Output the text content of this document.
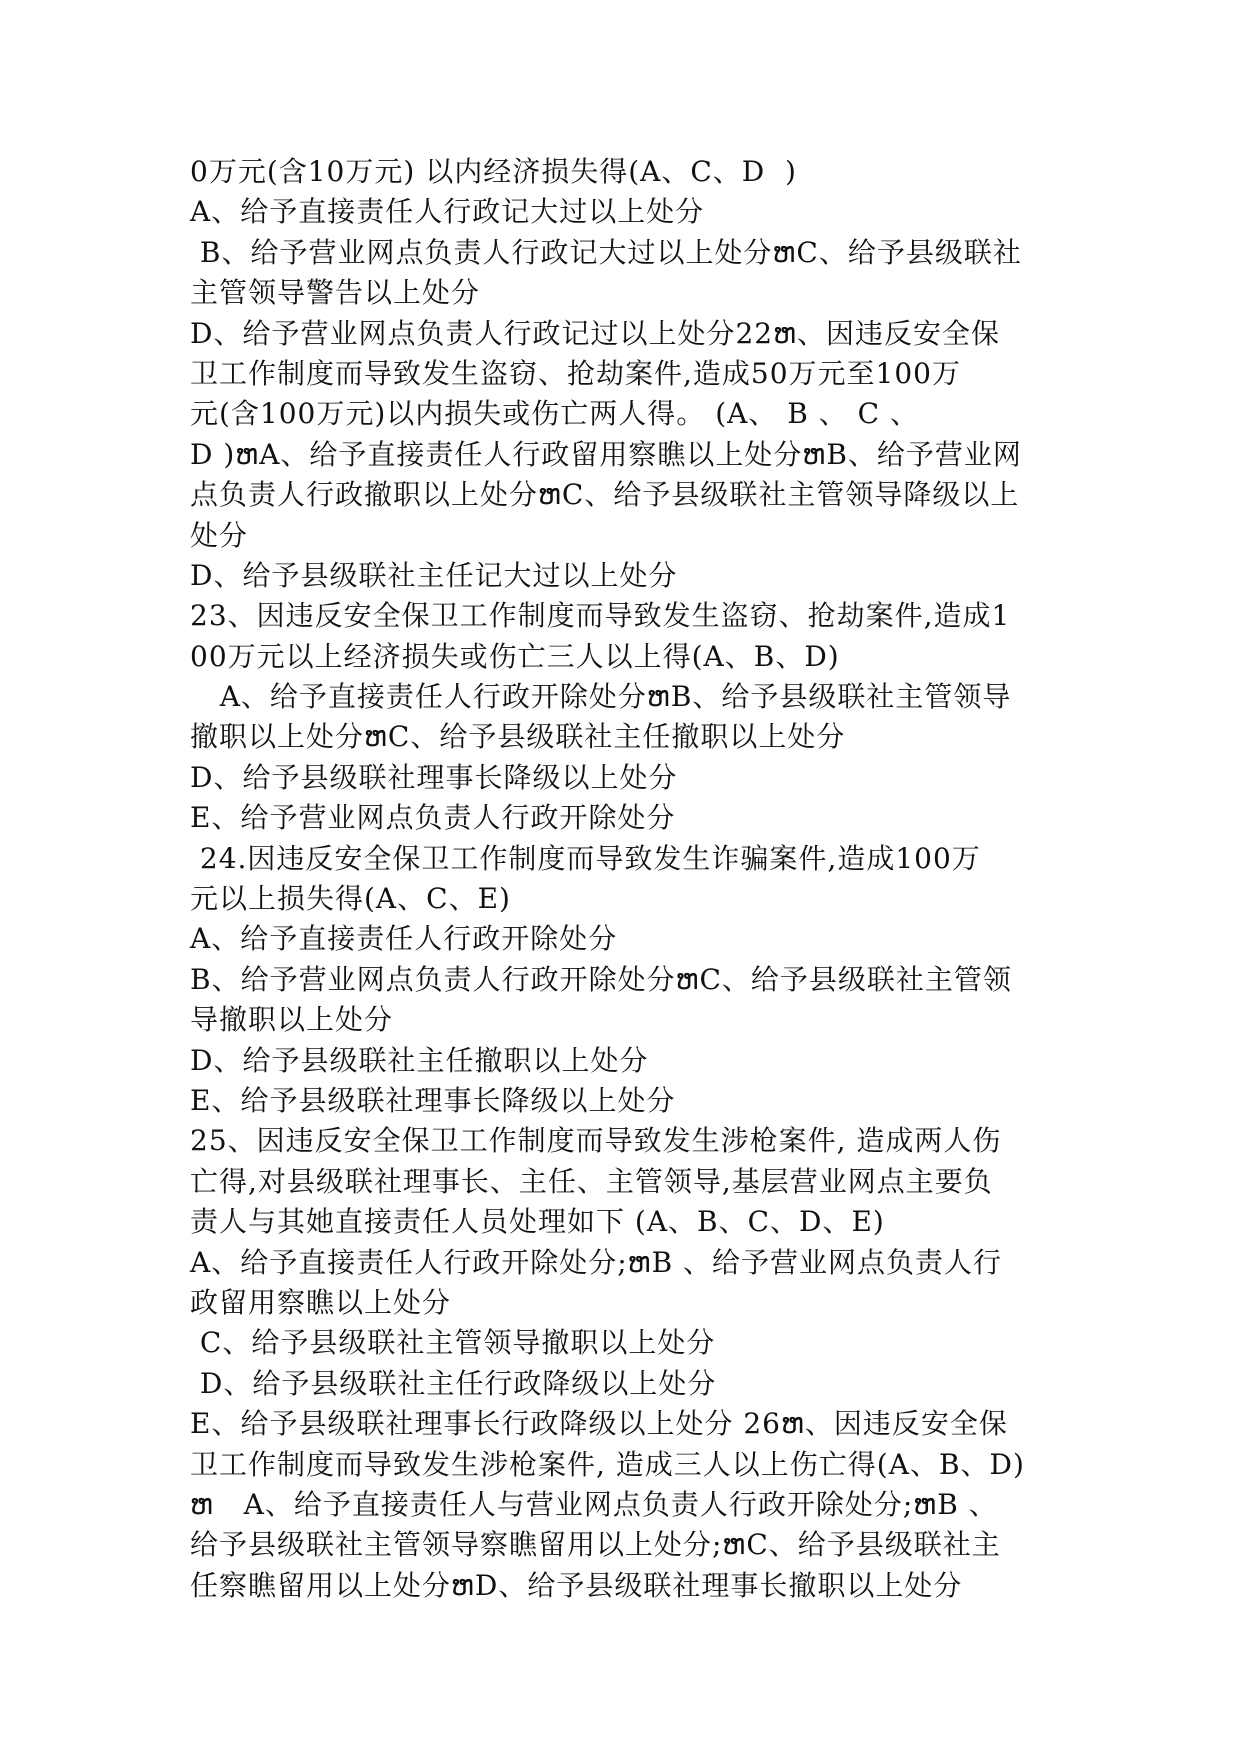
0万元(含10万元) 以内经济损失得(A、C、D  )
A、给予直接责任人行政记大过以上处分
B、给予营业网点负责人行政记大过以上处分ຫC、给予县级联社
主管领导警告以上处分
D、给予营业网点负责人行政记过以上处分22ຫ、因违反安全保
卫工作制度而导致发生盗窃、抢劫案件,造成50万元至100万
元(含100万元)以内损失或伤亡两人得。 (A、 B 、 C 、
D )ຫA、给予直接责任人行政留用察瞧以上处分ຫB、给予营业网
点负责人行政撤职以上处分ຫC、给予县级联社主管领导降级以上
处分
D、给予县级联社主任记大过以上处分
23、因违反安全保卫工作制度而导致发生盗窃、抢劫案件,造成1
00万元以上经济损失或伤亡三人以上得(A、B、D)
A、给予直接责任人行政开除处分ຫB、给予县级联社主管领导
撤职以上处分ຫC、给予县级联社主任撤职以上处分
D、给予县级联社理事长降级以上处分
E、给予营业网点负责人行政开除处分
24.因违反安全保卫工作制度而导致发生诈骗案件,造成100万
元以上损失得(A、C、E)
A、给予直接责任人行政开除处分
B、给予营业网点负责人行政开除处分ຫC、给予县级联社主管领
导撤职以上处分
D、给予县级联社主任撤职以上处分
E、给予县级联社理事长降级以上处分
25、因违反安全保卫工作制度而导致发生涉枪案件, 造成两人伤
亡得,对县级联社理事长、主任、主管领导,基层营业网点主要负
责人与其她直接责任人员处理如下 (A、B、C、D、E)
A、给予直接责任人行政开除处分;ຫB 、给予营业网点负责人行
政留用察瞧以上处分
C、给予县级联社主管领导撤职以上处分
D、给予县级联社主任行政降级以上处分
E、给予县级联社理事长行政降级以上处分 26ຫ、因违反安全保
卫工作制度而导致发生涉枪案件, 造成三人以上伤亡得(A、B、D)
ຫ   A、给予直接责任人与营业网点负责人行政开除处分;ຫB 、
给予县级联社主管领导察瞧留用以上处分;ຫC、给予县级联社主
任察瞧留用以上处分ຫD、给予县级联社理事长撤职以上处分
